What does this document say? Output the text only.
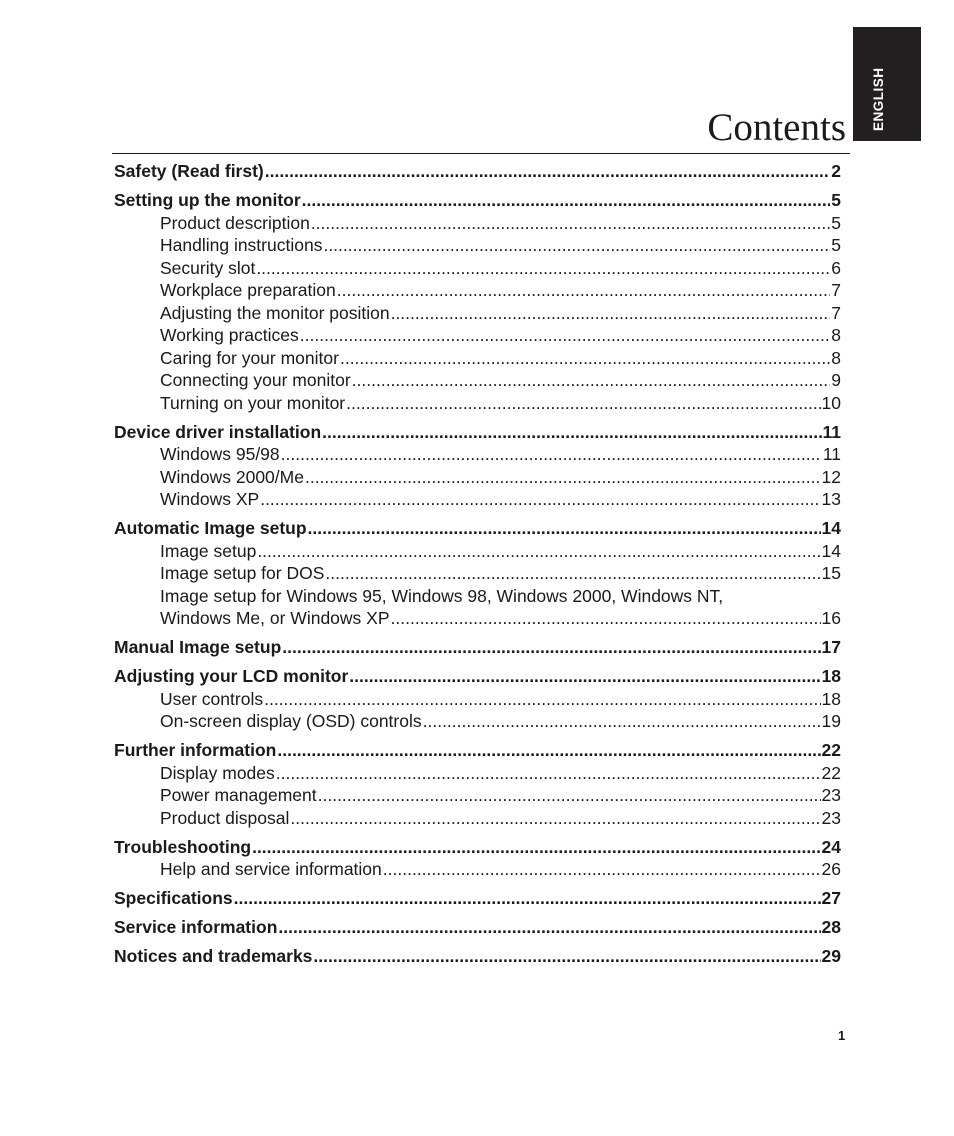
ENGLISH
Contents
Safety (Read first) .....	2
Setting up the monitor .....	5
Product description .....	5
Handling instructions .....	5
Security slot .....	6
Workplace preparation .....	7
Adjusting the monitor position .....	7
Working practices .....	8
Caring for your monitor .....	8
Connecting your monitor .....	9
Turning on your monitor .....	10
Device driver installation .....	11
Windows 95/98 .....	11
Windows 2000/Me .....	12
Windows XP .....	13
Automatic Image setup .....	14
Image setup .....	14
Image setup for DOS .....	15
Image setup for Windows 95, Windows 98, Windows 2000, Windows NT,
Windows Me, or Windows XP .....	16
Manual Image setup .....	17
Adjusting your LCD monitor .....	18
User controls .....	18
On-screen display (OSD) controls .....	19
Further information .....	22
Display modes .....	22
Power management .....	23
Product disposal .....	23
Troubleshooting .....	24
Help and service information .....	26
Specifications .....	27
Service information .....	28
Notices and trademarks .....	29
1
